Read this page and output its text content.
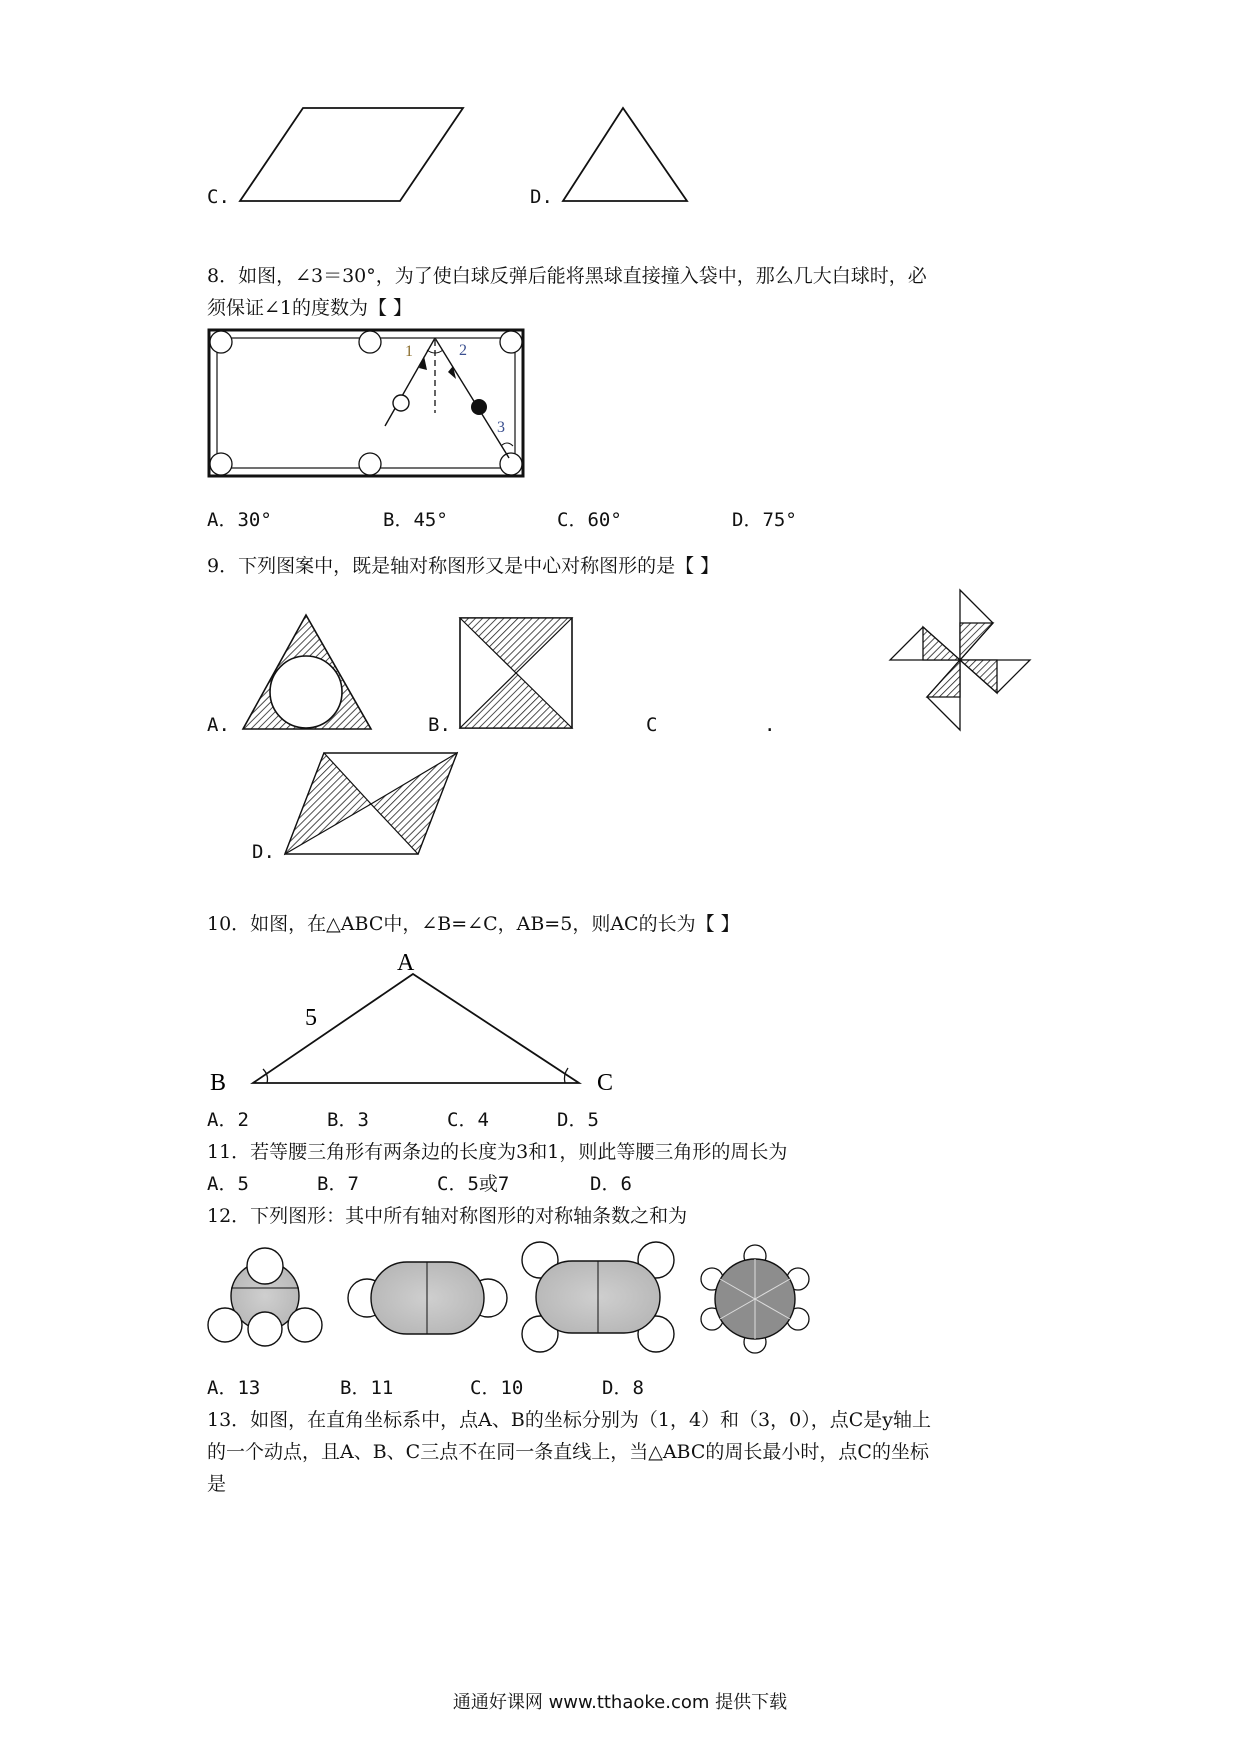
C.	D.
8．如图，∠3＝30°，为了使白球反弹后能将黑球直接撞入袋中，那么几大白球时，必
须保证∠1的度数为【 】
1	2
3
A．30°	B．45°	C．60°	D．75°
9．下列图案中，既是轴对称图形又是中心对称图形的是【 】
A.	B.	C	.
D.
10．如图，在△ABC中，∠B=∠C，AB=5，则AC的长为【 】
A
B	C
5
A．2	B．3	C．4	D．5
11．若等腰三角形有两条边的长度为3和1，则此等腰三角形的周长为
A．5	B．7	C．5或7	D．6
12．下列图形：其中所有轴对称图形的对称轴条数之和为
A．13	B．11	C．10	D．8
13．如图，在直角坐标系中，点A、B的坐标分别为（1，4）和（3，0），点C是y轴上
的一个动点，且A、B、C三点不在同一条直线上，当△ABC的周长最小时，点C的坐标
是
通通好课网 www.tthaoke.com 提供下载
